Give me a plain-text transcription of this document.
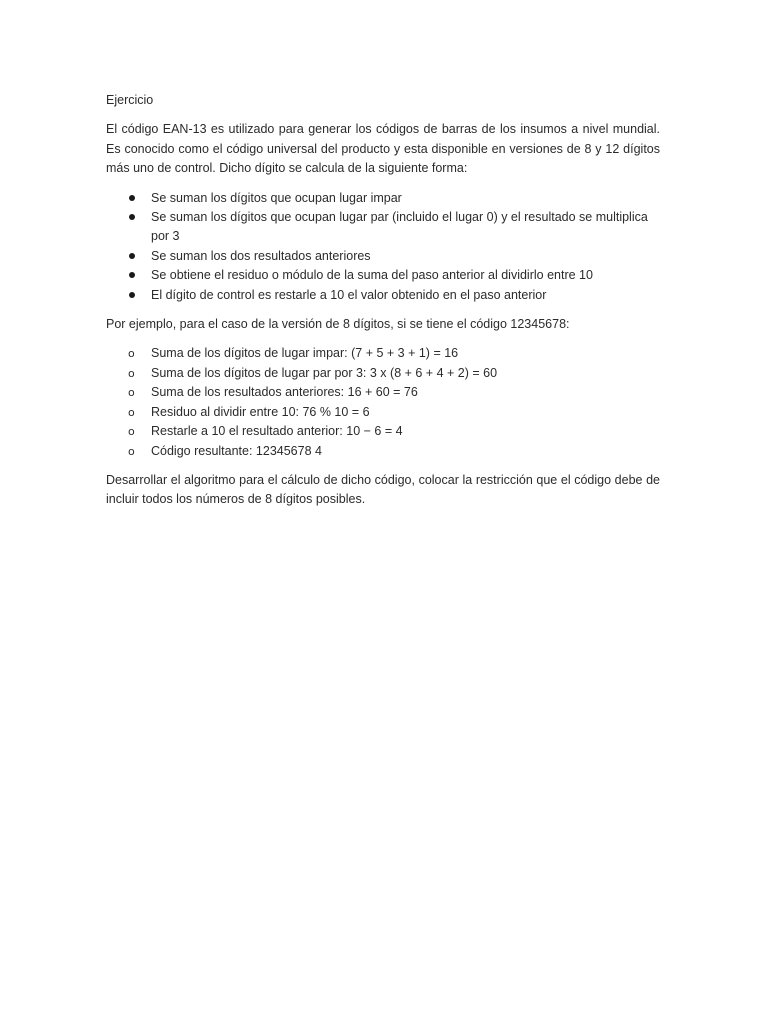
Ejercicio

El código EAN-13 es utilizado para generar los códigos de barras de los insumos a nivel mundial. Es conocido como el código universal del producto y esta disponible en versiones de 8 y 12 dígitos más uno de control. Dicho dígito se calcula de la siguiente forma:

Se suman los dígitos que ocupan lugar impar
Se suman los dígitos que ocupan lugar par (incluido el lugar 0) y el resultado se multiplica por 3
Se suman los dos resultados anteriores
Se obtiene el residuo o módulo de la suma del paso anterior al dividirlo entre 10
El dígito de control es restarle a 10 el valor obtenido en el paso anterior

Por ejemplo, para el caso de la versión de 8 dígitos, si se tiene el código 12345678:

o Suma de los dígitos de lugar impar: (7 + 5 + 3 + 1) = 16
o Suma de los dígitos de lugar par por 3: 3 x (8 + 6 + 4 + 2) = 60
o Suma de los resultados anteriores: 16 + 60 = 76
o Residuo al dividir entre 10: 76 % 10 = 6
o Restarle a 10 el resultado anterior: 10 − 6 = 4
o Código resultante: 12345678 4

Desarrollar el algoritmo para el cálculo de dicho código, colocar la restricción que el código debe de incluir todos los números de 8 dígitos posibles.
